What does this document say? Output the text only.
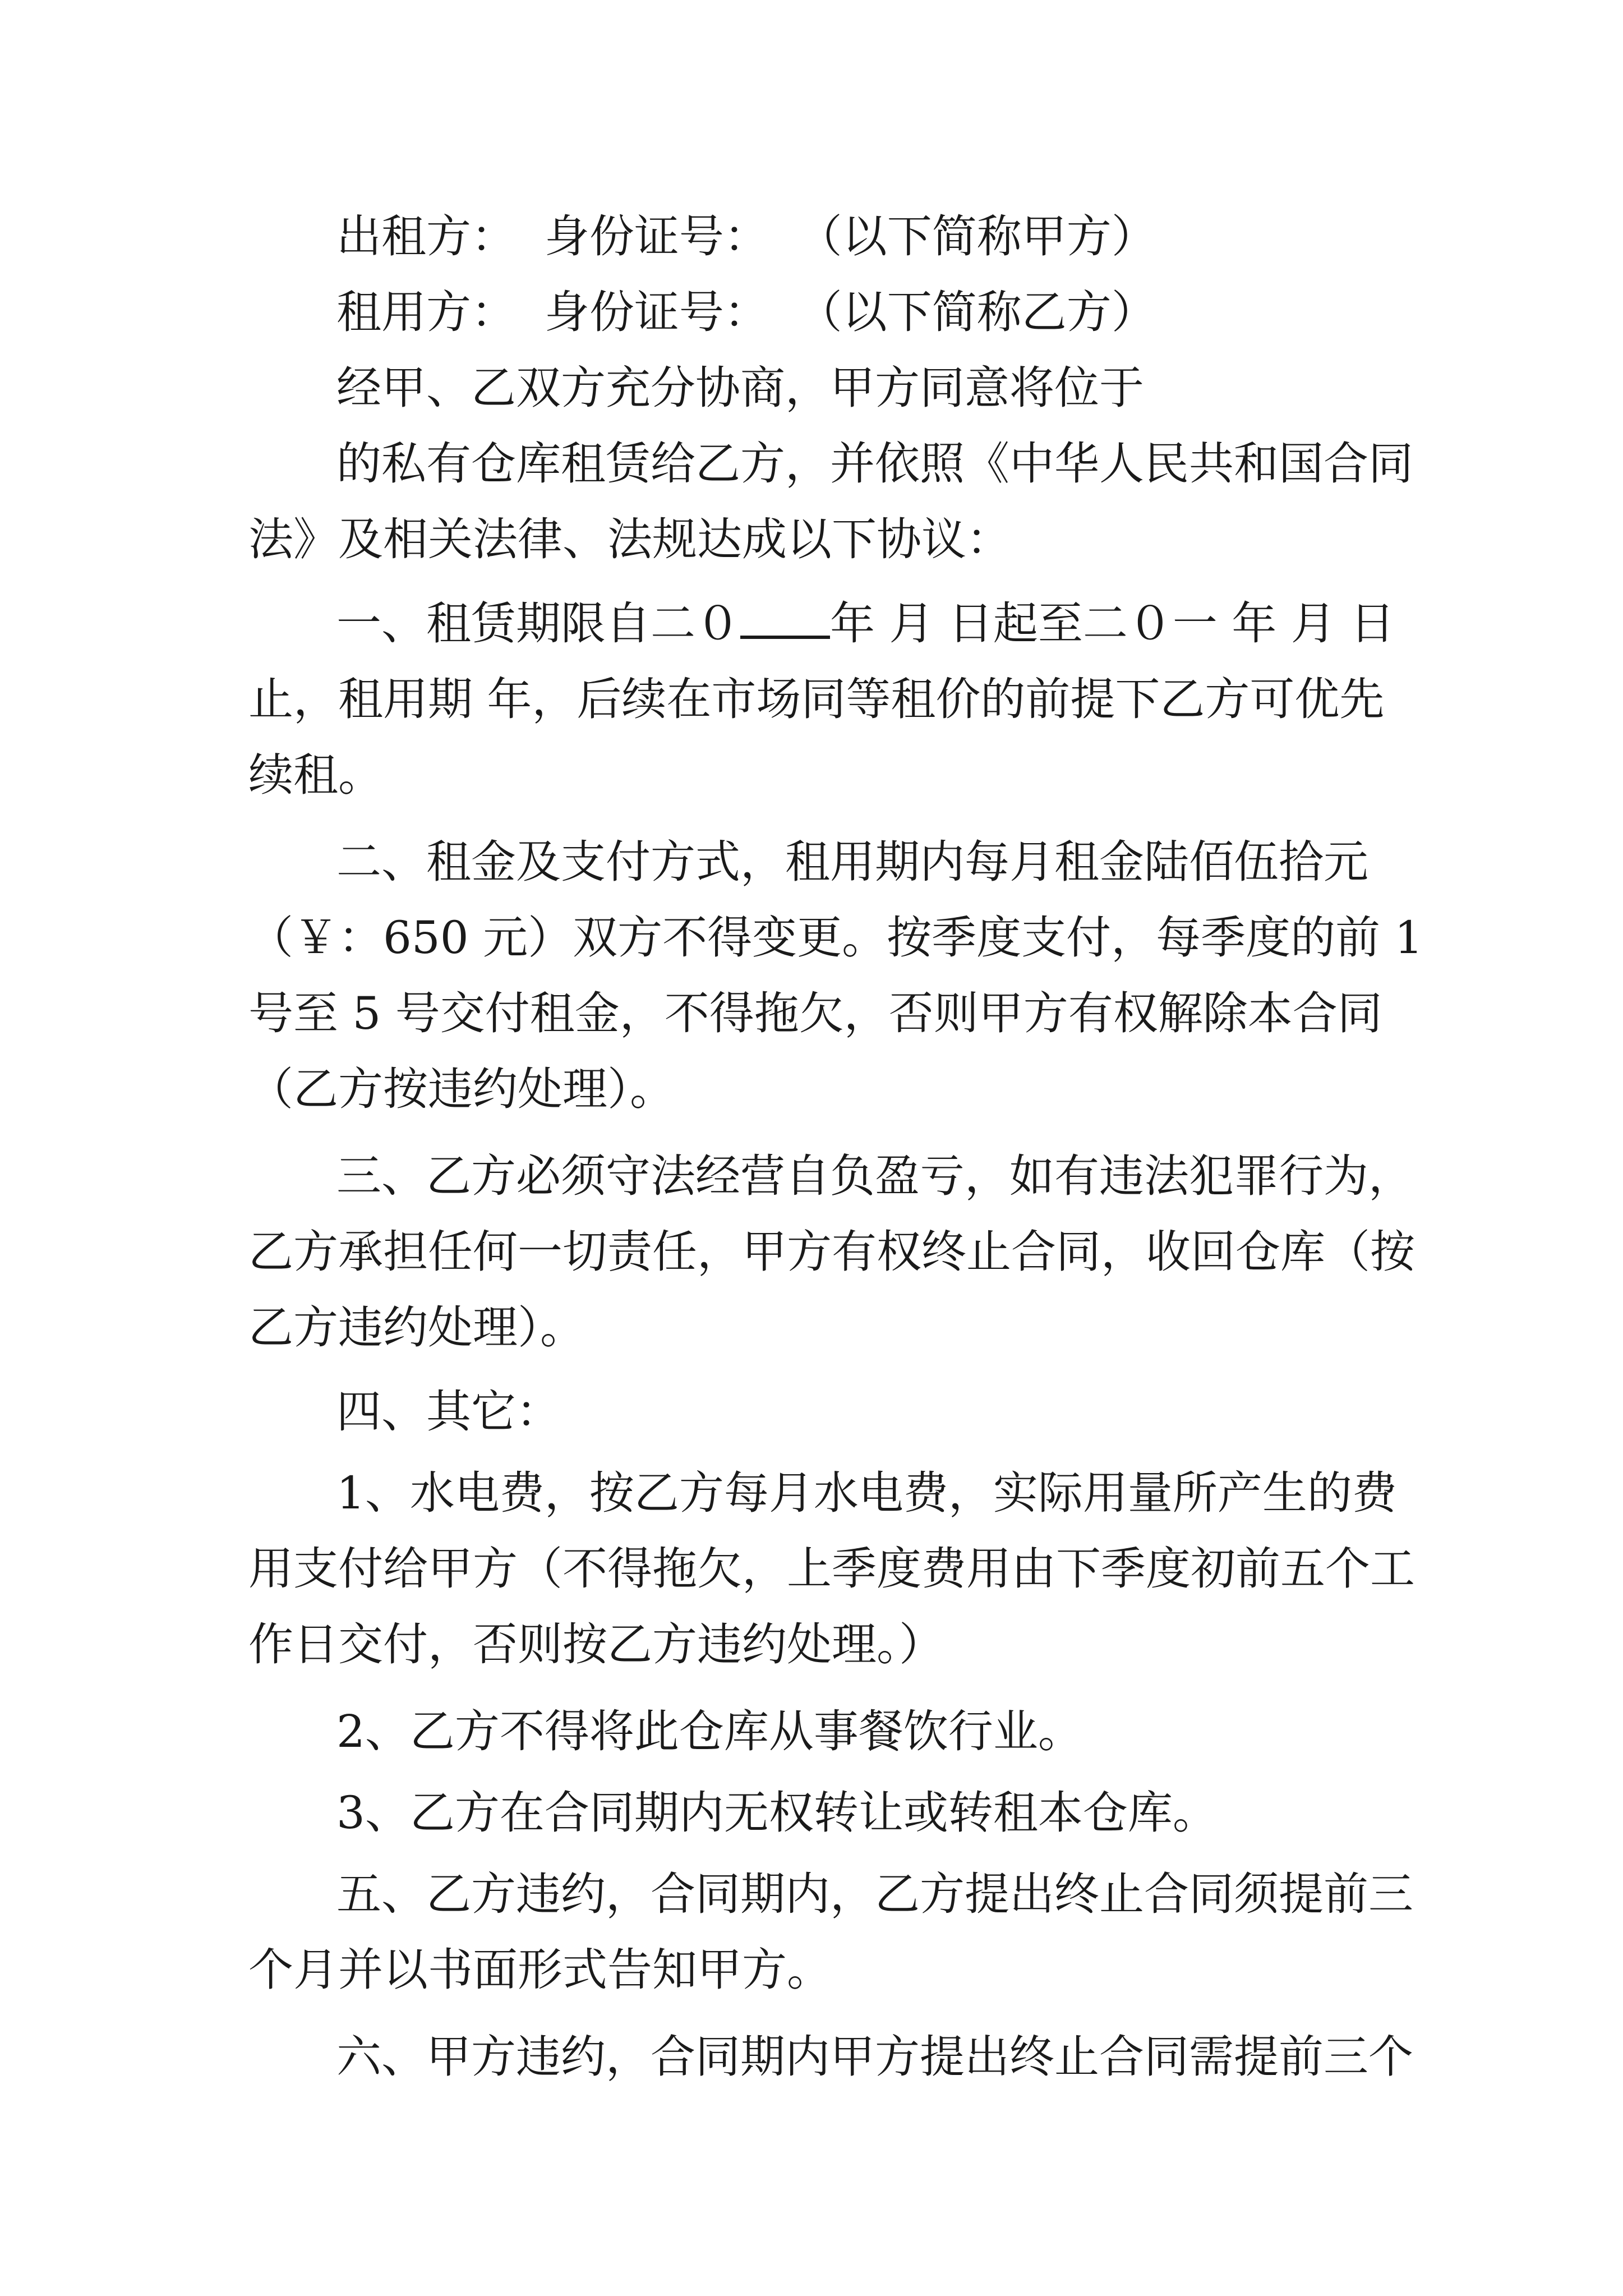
出租方：  身份证号：  （以下简称甲方）
租用方：  身份证号：  （以下简称乙方）
经甲、乙双方充分协商，甲方同意将位于
的私有仓库租赁给乙方，并依照《中华人民共和国合同
法》及相关法律、法规达成以下协议：
一、租赁期限自二０ 年 月 日起至二０一 年 月 日
止，租用期 年，后续在市场同等租价的前提下乙方可优先
续租。
二、租金及支付方式，租用期内每月租金陆佰伍拾元
（￥：650 元）双方不得变更。按季度支付，每季度的前 1
号至 5 号交付租金，不得拖欠，否则甲方有权解除本合同
（乙方按违约处理）。
三、乙方必须守法经营自负盈亏，如有违法犯罪行为，
乙方承担任何一切责任，甲方有权终止合同，收回仓库（按
乙方违约处理）。
四、其它：
1、水电费，按乙方每月水电费，实际用量所产生的费
用支付给甲方（不得拖欠，上季度费用由下季度初前五个工
作日交付，否则按乙方违约处理。）
2、乙方不得将此仓库从事餐饮行业。
3、乙方在合同期内无权转让或转租本仓库。
五、乙方违约，合同期内，乙方提出终止合同须提前三
个月并以书面形式告知甲方。
六、甲方违约，合同期内甲方提出终止合同需提前三个
